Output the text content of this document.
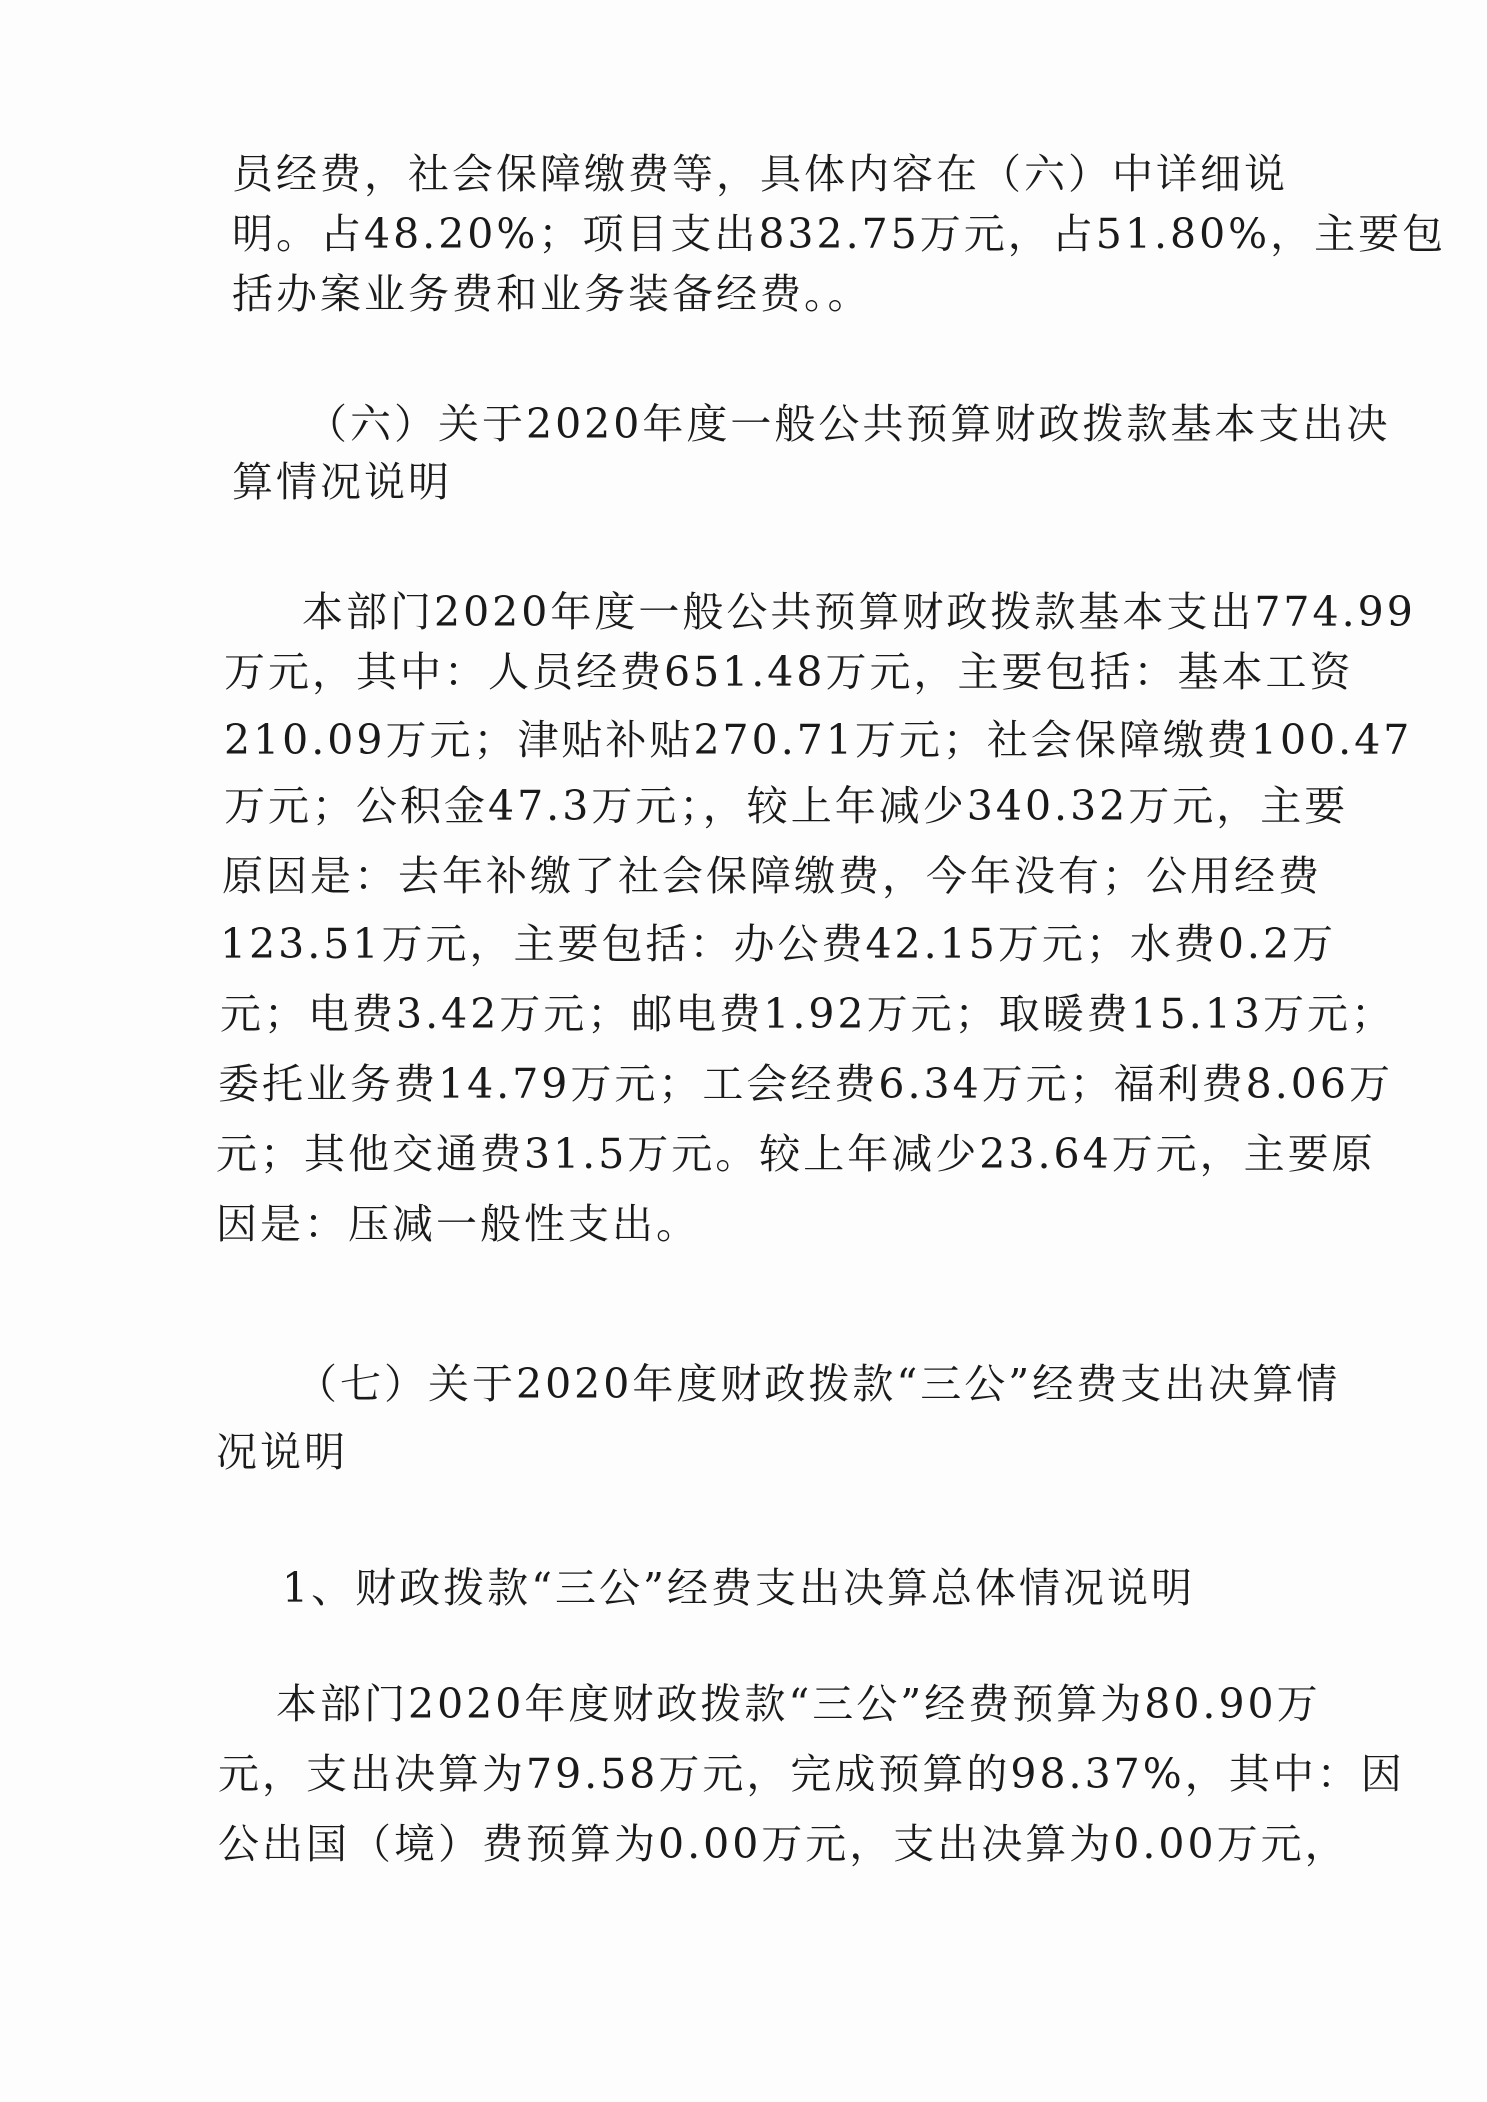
员经费，社会保障缴费等，具体内容在（六）中详细说
明。占48.20%；项目支出832.75万元，占51.80%，主要包
括办案业务费和业务装备经费。。
（六）关于2020年度一般公共预算财政拨款基本支出决
算情况说明
本部门2020年度一般公共预算财政拨款基本支出774.99
万元，其中：人员经费651.48万元，主要包括：基本工资
210.09万元；津贴补贴270.71万元；社会保障缴费100.47
万元；公积金47.3万元；，较上年减少340.32万元，主要
原因是：去年补缴了社会保障缴费，今年没有；公用经费
123.51万元，主要包括：办公费42.15万元；水费0.2万
元；电费3.42万元；邮电费1.92万元；取暖费15.13万元；
委托业务费14.79万元；工会经费6.34万元；福利费8.06万
元；其他交通费31.5万元。较上年减少23.64万元，主要原
因是：压减一般性支出。
（七）关于2020年度财政拨款“三公”经费支出决算情
况说明
1、财政拨款“三公”经费支出决算总体情况说明
本部门2020年度财政拨款“三公”经费预算为80.90万
元，支出决算为79.58万元，完成预算的98.37%，其中：因
公出国（境）费预算为0.00万元，支出决算为0.00万元，
